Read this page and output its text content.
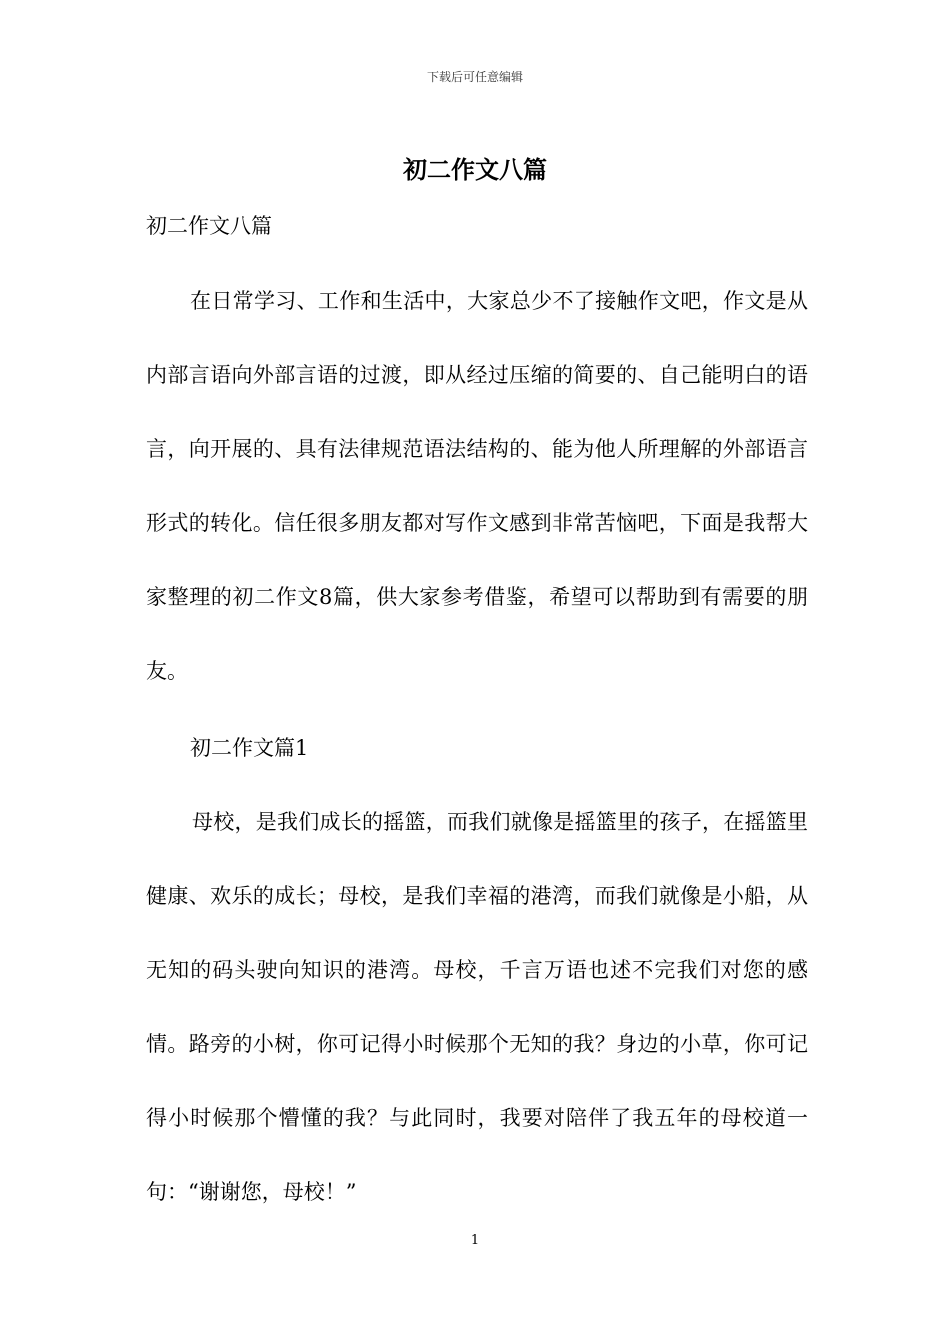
下载后可任意编辑
初二作文八篇
初二作文八篇
在日常学习、工作和生活中，大家总少不了接触作文吧，作文是从内部言语向外部言语的过渡，即从经过压缩的简要的、自己能明白的语言，向开展的、具有法律规范语法结构的、能为他人所理解的外部语言形式的转化。信任很多朋友都对写作文感到非常苦恼吧，下面是我帮大家整理的初二作文8篇，供大家参考借鉴，希望可以帮助到有需要的朋友。
初二作文篇1
母校，是我们成长的摇篮，而我们就像是摇篮里的孩子，在摇篮里健康、欢乐的成长；母校，是我们幸福的港湾，而我们就像是小船，从无知的码头驶向知识的港湾。母校，千言万语也述不完我们对您的感情。路旁的小树，你可记得小时候那个无知的我？身边的小草，你可记得小时候那个懵懂的我？与此同时，我要对陪伴了我五年的母校道一句：“谢谢您，母校！”
1
